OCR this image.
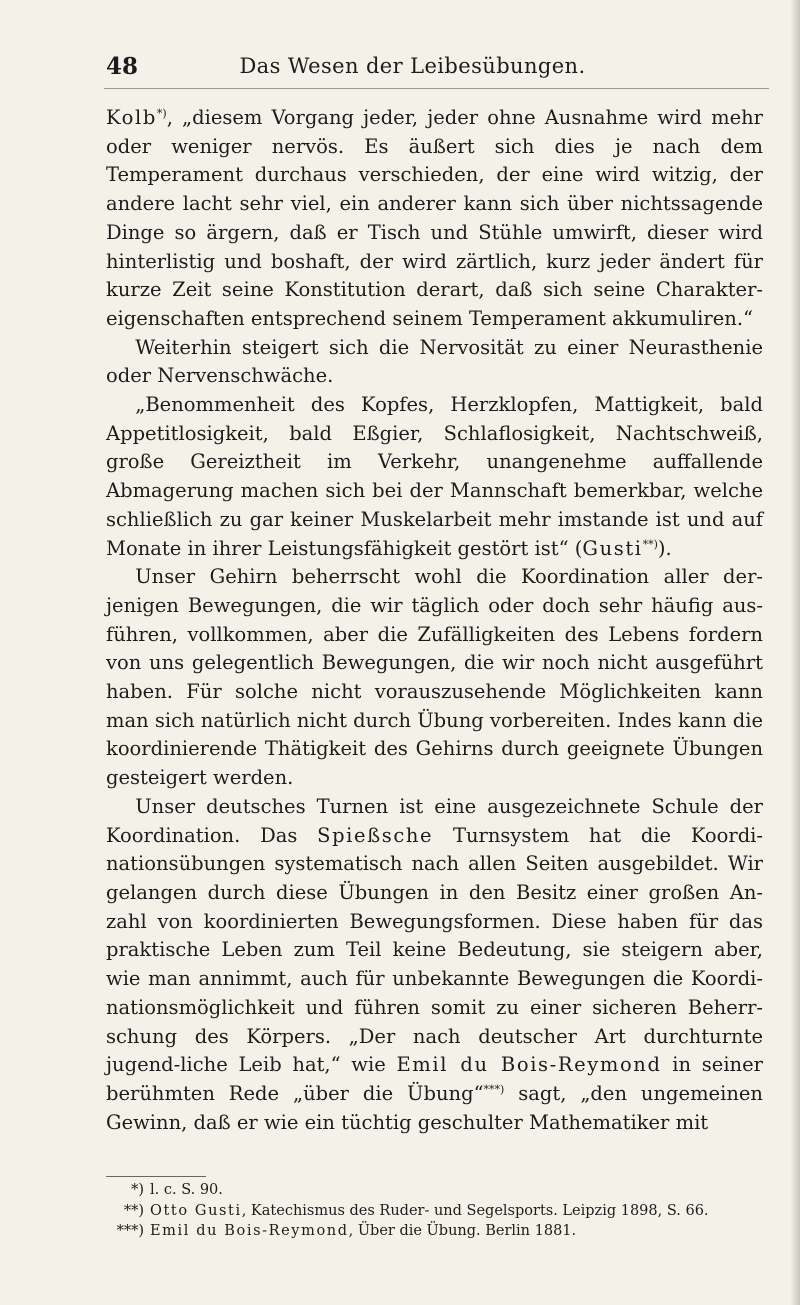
48	Das Wesen der Leibesübungen.

Kolb*), „diesem Vorgang jeder, jeder ohne Ausnahme wird mehr oder weniger nervös. Es äußert sich dies je nach dem Temperament durchaus verschieden, der eine wird witzig, der andere lacht sehr viel, ein anderer kann sich über nichtssagende Dinge so ärgern, daß er Tisch und Stühle umwirft, dieser wird hinterlistig und boshaft, der wird zärtlich, kurz jeder ändert für kurze Zeit seine Konstitution derart, daß sich seine Charakter-eigenschaften entsprechend seinem Temperament akkumuliren.“

Weiterhin steigert sich die Nervosität zu einer Neurasthenie oder Nervenschwäche.

„Benommenheit des Kopfes, Herzklopfen, Mattigkeit, bald Appetitlosigkeit, bald Eßgier, Schlaflosigkeit, Nachtschweiß, große Gereiztheit im Verkehr, unangenehme auffallende Abmagerung machen sich bei der Mannschaft bemerkbar, welche schließlich zu gar keiner Muskelarbeit mehr imstande ist und auf Monate in ihrer Leistungsfähigkeit gestört ist“ (Gusti**)).

Unser Gehirn beherrscht wohl die Koordination aller der-jenigen Bewegungen, die wir täglich oder doch sehr häufig aus-führen, vollkommen, aber die Zufälligkeiten des Lebens fordern von uns gelegentlich Bewegungen, die wir noch nicht ausgeführt haben. Für solche nicht vorauszusehende Möglichkeiten kann man sich natürlich nicht durch Übung vorbereiten. Indes kann die koordinierende Thätigkeit des Gehirns durch geeignete Übungen gesteigert werden.

Unser deutsches Turnen ist eine ausgezeichnete Schule der Koordination. Das Spießsche Turnsystem hat die Koordi-nationsübungen systematisch nach allen Seiten ausgebildet. Wir gelangen durch diese Übungen in den Besitz einer großen An-zahl von koordinierten Bewegungsformen. Diese haben für das praktische Leben zum Teil keine Bedeutung, sie steigern aber, wie man annimmt, auch für unbekannte Bewegungen die Koordi-nationsmöglichkeit und führen somit zu einer sicheren Beherr-schung des Körpers. „Der nach deutscher Art durchturnte jugend-liche Leib hat,“ wie Emil du Bois-Reymond in seiner berühmten Rede „über die Übung“***) sagt, „den ungemeinen Gewinn, daß er wie ein tüchtig geschulter Mathematiker mit

*) l. c. S. 90.

**) Otto Gusti, Katechismus des Ruder- und Segelsports. Leipzig 1898, S. 66.

***) Emil du Bois-Reymond, Über die Übung. Berlin 1881.
